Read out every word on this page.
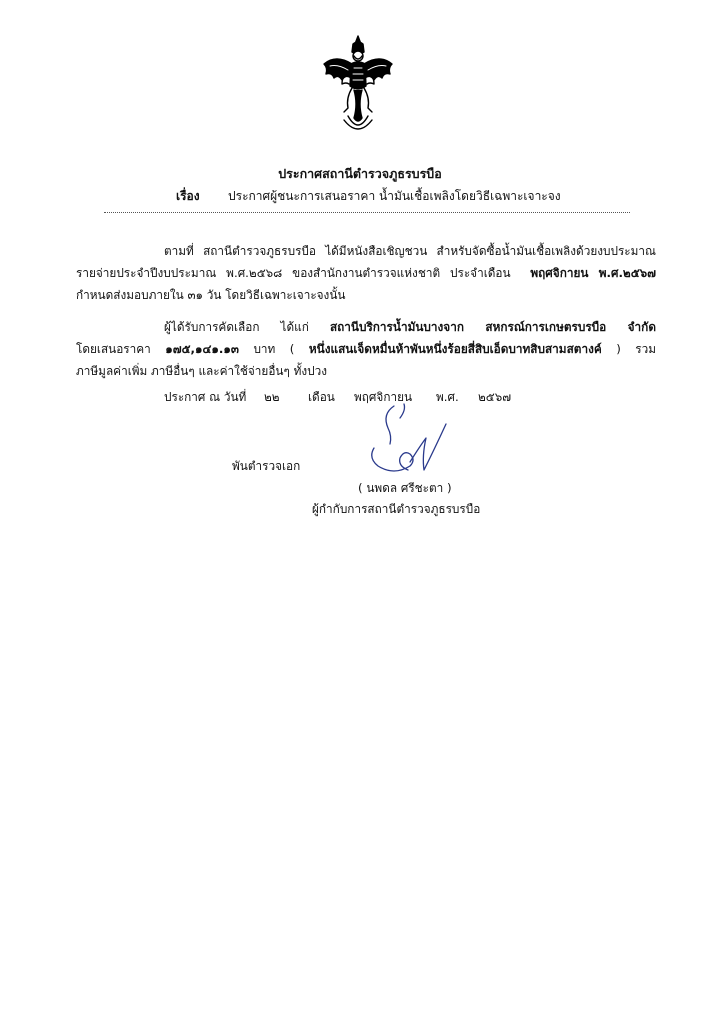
ประกาศสถานีตำรวจภูธรบรบือ
เรื่อง ประกาศผู้ชนะการเสนอราคา น้ำมันเชื้อเพลิงโดยวิธีเฉพาะเจาะจง
ตามที่ สถานีตำรวจภูธรบรบือ ได้มีหนังสือเชิญชวน สำหรับจัดซื้อน้ำมันเชื้อเพลิงด้วยงบประมาณ
รายจ่ายประจำปีงบประมาณ พ.ศ.๒๕๖๘ ของสำนักงานตำรวจแห่งชาติ ประจำเดือน พฤศจิกายน พ.ศ.๒๕๖๗
กำหนดส่งมอบภายใน ๓๑ วัน โดยวิธีเฉพาะเจาะจงนั้น
ผู้ได้รับการคัดเลือก ได้แก่ สถานีบริการน้ำมันบางจาก สหกรณ์การเกษตรบรบือ จำกัด
โดยเสนอราคา ๑๗๕,๑๔๑.๑๓ บาท ( หนึ่งแสนเจ็ดหมื่นห้าพันหนึ่งร้อยสี่สิบเอ็ดบาทสิบสามสตางค์ ) รวม
ภาษีมูลค่าเพิ่ม ภาษีอื่นๆ และค่าใช้จ่ายอื่นๆ ทั้งปวง
ประกาศ ณ วันที่ ๒๒ เดือน พฤศจิกายน พ.ศ. ๒๕๖๗
พันตำรวจเอก
( นพดล ศรีชะตา )
ผู้กำกับการสถานีตำรวจภูธรบรบือ
